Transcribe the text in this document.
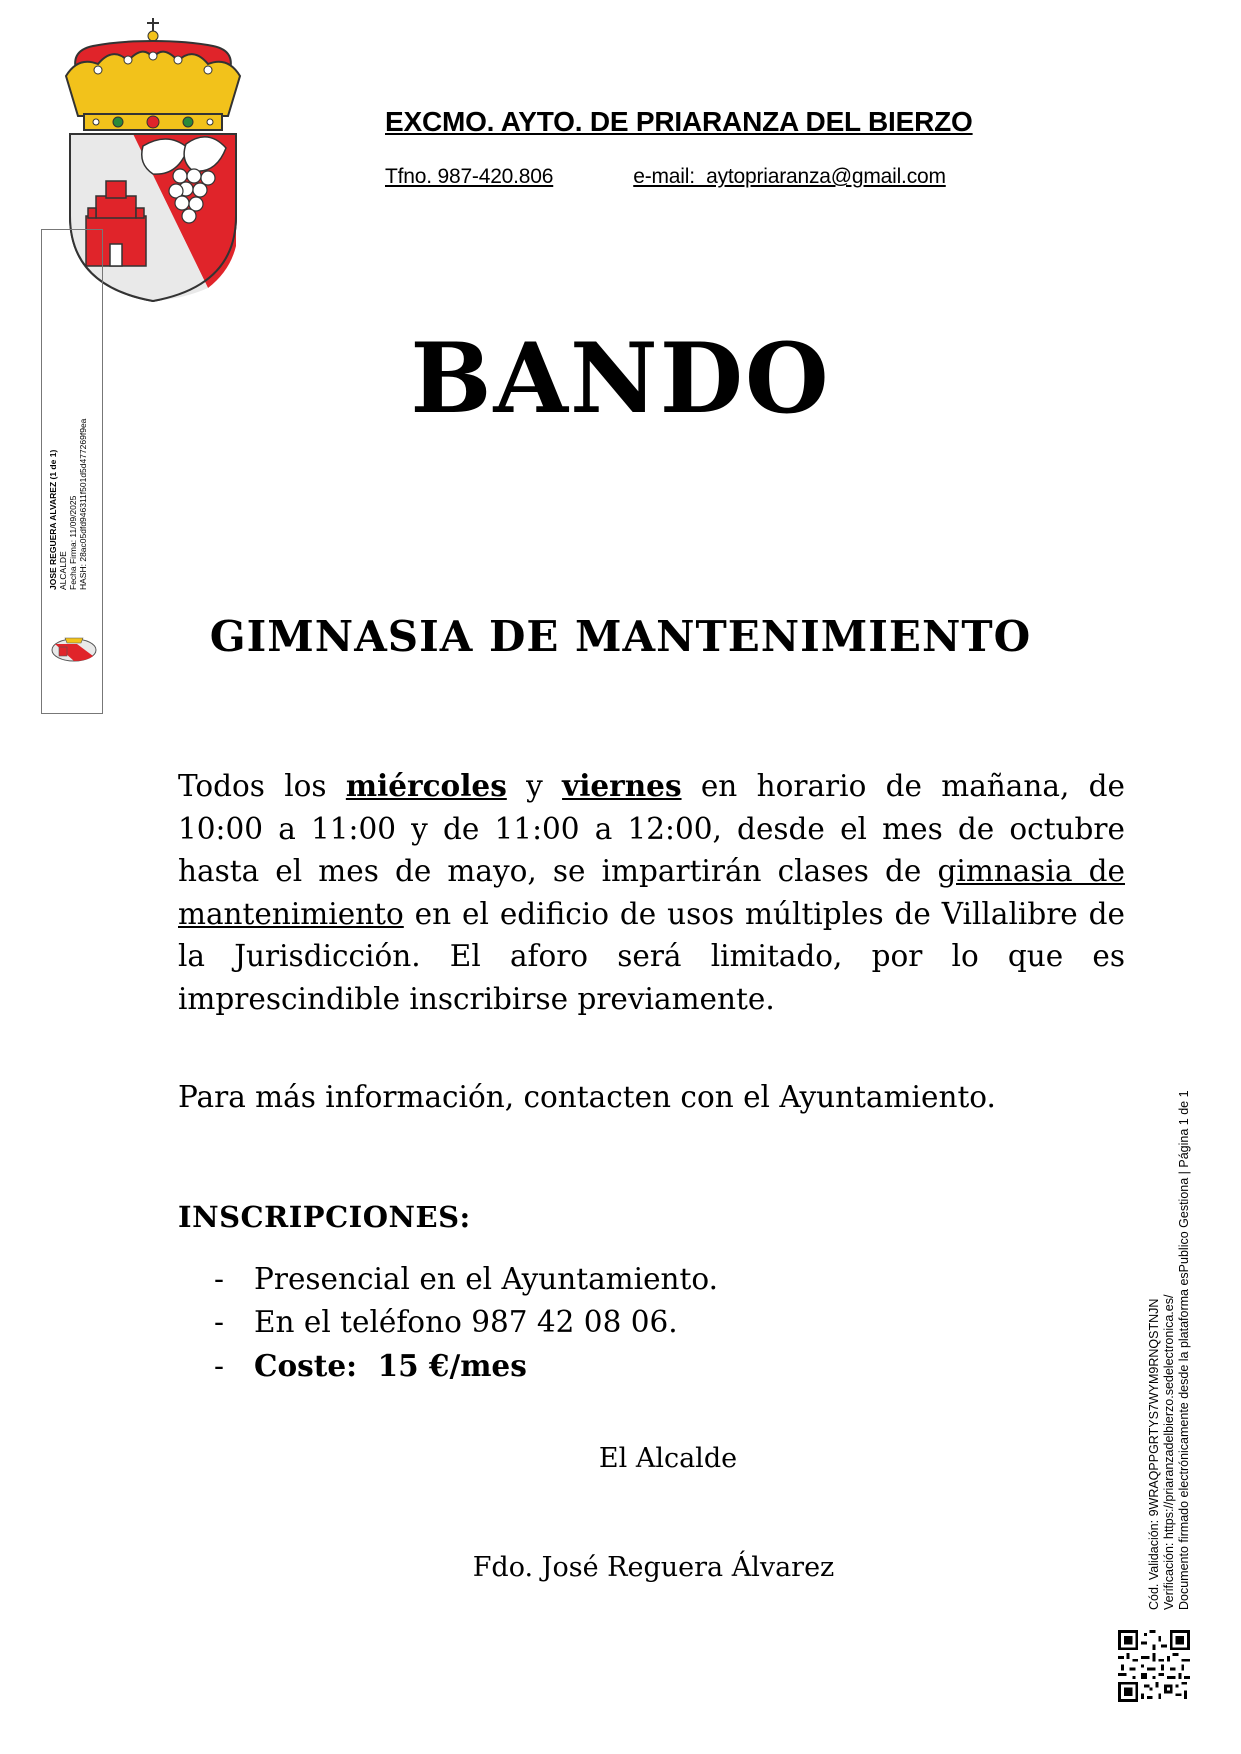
EXCMO. AYTO. DE PRIARANZA DEL BIERZO
Tfno. 987-420.806	e-mail:  aytopriaranza@gmail.com
JOSE REGUERA ALVAREZ (1 de 1) ALCALDE Fecha Firma: 11/09/2025 HASH: 28ac05dfd946311f501d5d477269f9ea
BANDO
GIMNASIA DE MANTENIMIENTO
Todos los miércoles y viernes en horario de mañana, de 10:00 a 11:00 y de 11:00 a 12:00, desde el mes de octubre hasta el mes de mayo, se impartirán clases de gimnasia de mantenimiento en el edificio de usos múltiples de Villalibre de la Jurisdicción. El aforo será limitado, por lo que es imprescindible inscribirse previamente.
Para más información, contacten con el Ayuntamiento.
INSCRIPCIONES:
- Presencial en el Ayuntamiento.
- En el teléfono 987 42 08 06.
- Coste:  15 €/mes
El Alcalde
Fdo. José Reguera Álvarez	Cód. Validación: 9WRAQPPGRTYS7WYM9RNQSTNJN Verificación: https://priaranzadelbierzo.sedelectronica.es/ Documento firmado electrónicamente desde la plataforma esPublico Gestiona | Página 1 de 1
